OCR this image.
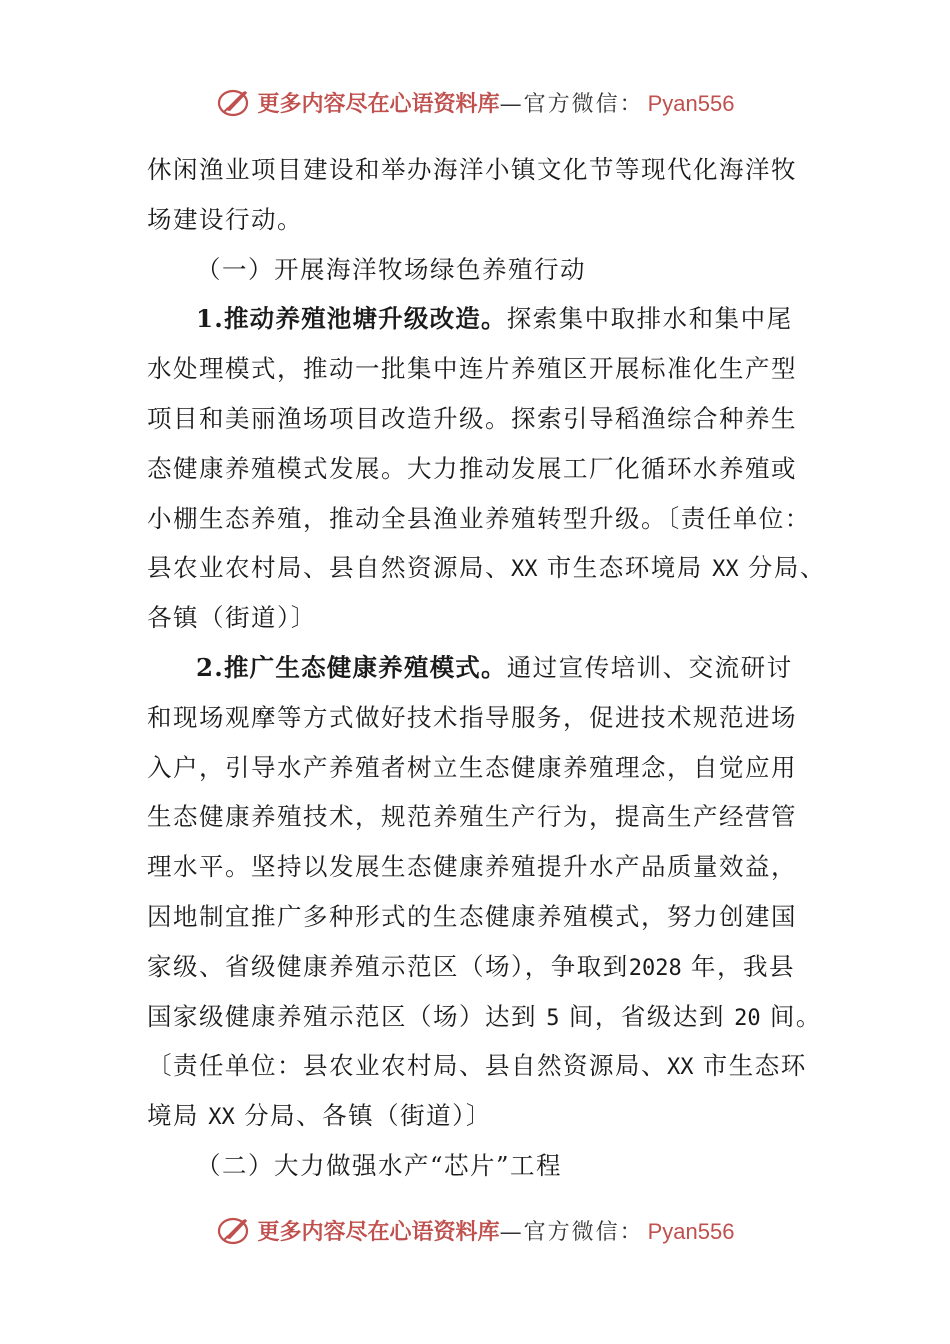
更多内容尽在心语资料库—官方微信： Pyan556
休闲渔业项目建设和举办海洋小镇文化节等现代化海洋牧
场建设行动。
（一）开展海洋牧场绿色养殖行动
1.推动养殖池塘升级改造。探索集中取排水和集中尾
水处理模式，推动一批集中连片养殖区开展标准化生产型
项目和美丽渔场项目改造升级。探索引导稻渔综合种养生
态健康养殖模式发展。大力推动发展工厂化循环水养殖或
小棚生态养殖，推动全县渔业养殖转型升级。〔责任单位：
县农业农村局、县自然资源局、XX 市生态环境局 XX 分局、
各镇（街道）〕
2.推广生态健康养殖模式。通过宣传培训、交流研讨
和现场观摩等方式做好技术指导服务，促进技术规范进场
入户，引导水产养殖者树立生态健康养殖理念，自觉应用
生态健康养殖技术，规范养殖生产行为，提高生产经营管
理水平。坚持以发展生态健康养殖提升水产品质量效益，
因地制宜推广多种形式的生态健康养殖模式，努力创建国
家级、省级健康养殖示范区（场），争取到2028 年，我县
国家级健康养殖示范区（场）达到 5 间，省级达到 20 间。
〔责任单位：县农业农村局、县自然资源局、XX 市生态环
境局 XX 分局、各镇（街道）〕
（二）大力做强水产“芯片”工程
更多内容尽在心语资料库—官方微信： Pyan556
